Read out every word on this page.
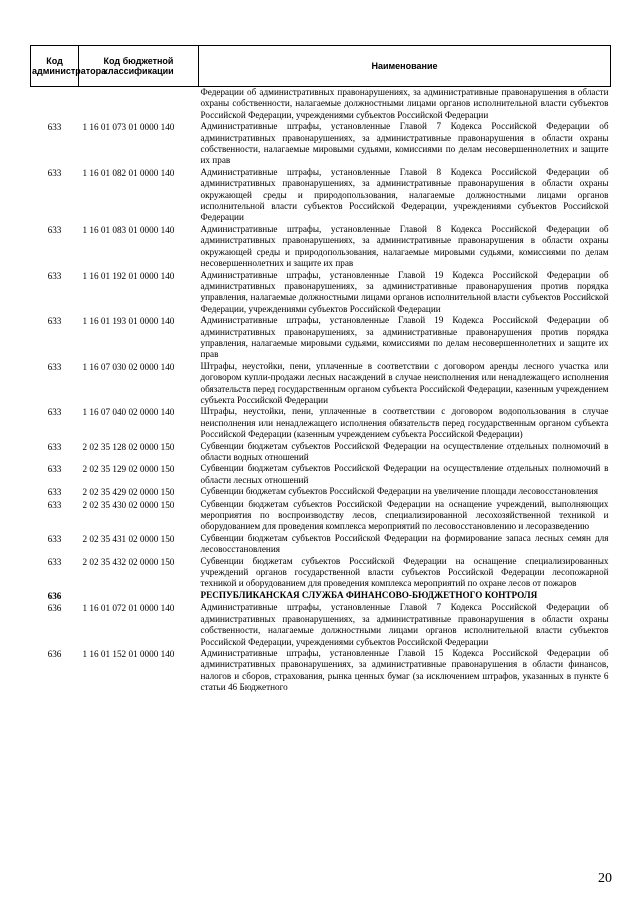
Код администратора	Код бюджетной классификации	Наименование
		Федерации об административных правонарушениях, за административные правонарушения в области охраны собственности, налагаемые должностными лицами органов исполнительной власти субъектов Российской Федерации, учреждениями субъектов Российской Федерации
633	1 16 01 073 01 0000 140	Административные штрафы, установленные Главой 7 Кодекса Российской Федерации об административных правонарушениях, за административные правонарушения в области охраны собственности, налагаемые мировыми судьями, комиссиями по делам несовершеннолетних и защите их прав
633	1 16 01 082 01 0000 140	Административные штрафы, установленные Главой 8 Кодекса Российской Федерации об административных правонарушениях, за административные правонарушения в области охраны окружающей среды и природопользования, налагаемые должностными лицами органов исполнительной власти субъектов Российской Федерации, учреждениями субъектов Российской Федерации
633	1 16 01 083 01 0000 140	Административные штрафы, установленные Главой 8 Кодекса Российской Федерации об административных правонарушениях, за административные правонарушения в области охраны окружающей среды и природопользования, налагаемые мировыми судьями, комиссиями по делам несовершеннолетних и защите их прав
633	1 16 01 192 01 0000 140	Административные штрафы, установленные Главой 19 Кодекса Российской Федерации об административных правонарушениях, за административные правонарушения против порядка управления, налагаемые должностными лицами органов исполнительной власти субъектов Российской Федерации, учреждениями субъектов Российской Федерации
633	1 16 01 193 01 0000 140	Административные штрафы, установленные Главой 19 Кодекса Российской Федерации об административных правонарушениях, за административные правонарушения против порядка управления, налагаемые мировыми судьями, комиссиями по делам несовершеннолетних и защите их прав
633	1 16 07 030 02 0000 140	Штрафы, неустойки, пени, уплаченные в соответствии с договором аренды лесного участка или договором купли-продажи лесных насаждений в случае неисполнения или ненадлежащего исполнения обязательств перед государственным органом субъекта Российской Федерации, казенным учреждением субъекта Российской Федерации
633	1 16 07 040 02 0000 140	Штрафы, неустойки, пени, уплаченные в соответствии с договором водопользования в случае неисполнения или ненадлежащего исполнения обязательств перед государственным органом субъекта Российской Федерации (казенным учреждением субъекта Российской Федерации)
633	2 02 35 128 02 0000 150	Субвенции бюджетам субъектов Российской Федерации на осуществление отдельных полномочий в области водных отношений
633	2 02 35 129 02 0000 150	Субвенции бюджетам субъектов Российской Федерации на осуществление отдельных полномочий в области лесных отношений
633	2 02 35 429 02 0000 150	Субвенции бюджетам субъектов Российской Федерации на увеличение площади лесовосстановления
633	2 02 35 430 02 0000 150	Субвенции бюджетам субъектов Российской Федерации на оснащение учреждений, выполняющих мероприятия по воспроизводству лесов, специализированной лесохозяйственной техникой и оборудованием для проведения комплекса мероприятий по лесовосстановлению и лесоразведению
633	2 02 35 431 02 0000 150	Субвенции бюджетам субъектов Российской Федерации на формирование запаса лесных семян для лесовосстановления
633	2 02 35 432 02 0000 150	Субвенции бюджетам субъектов Российской Федерации на оснащение специализированных учреждений органов государственной власти субъектов Российской Федерации лесопожарной техникой и оборудованием для проведения комплекса мероприятий по охране лесов от пожаров
636		РЕСПУБЛИКАНСКАЯ СЛУЖБА ФИНАНСОВО-БЮДЖЕТНОГО КОНТРОЛЯ
636	1 16 01 072 01 0000 140	Административные штрафы, установленные Главой 7 Кодекса Российской Федерации об административных правонарушениях, за административные правонарушения в области охраны собственности, налагаемые должностными лицами органов исполнительной власти субъектов Российской Федерации, учреждениями субъектов Российской Федерации
636	1 16 01 152 01 0000 140	Административные штрафы, установленные Главой 15 Кодекса Российской Федерации об административных правонарушениях, за административные правонарушения в области финансов, налогов и сборов, страхования, рынка ценных бумаг (за исключением штрафов, указанных в пункте 6 статьи 46 Бюджетного
20
